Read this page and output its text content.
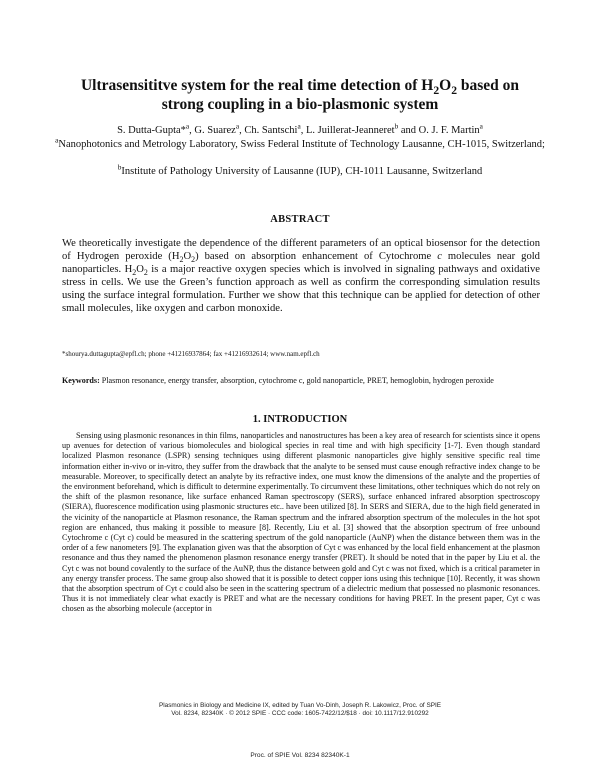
Ultrasensititve system for the real time detection of $H_2O_2$ based on
strong coupling in a bio-plasmonic system
S. Dutta-Gupta*$^a$, G. Suarez$^a$, Ch. Santschi$^a$, L. Juillerat-Jeanneret$^b$ and O. J. F. Martin$^a$
$^a$Nanophotonics and Metrology Laboratory, Swiss Federal Institute of Technology Lausanne, CH-1015, Switzerland;
$^b$Institute of Pathology University of Lausanne (IUP), CH-1011 Lausanne, Switzerland
ABSTRACT
We theoretically investigate the dependence of the different parameters of an optical biosensor for the detection of Hydrogen peroxide $(H_2O_2)$ based on absorption enhancement of Cytochrome c molecules near gold nanoparticles. $H_2O_2$ is a major reactive oxygen species which is involved in signaling pathways and oxidative stress in cells. We use the Green’s function approach as well as confirm the corresponding simulation results using the surface integral formulation. Further we show that this technique can be applied for detection of other small molecules, like oxygen and carbon monoxide.
*shourya.duttagupta@epfl.ch; phone +41216937864; fax +41216932614; www.nam.epfl.ch
Keywords: Plasmon resonance, energy transfer, absorption, cytochrome c, gold nanoparticle, PRET, hemoglobin, hydrogen peroxide
1. INTRODUCTION

Sensing using plasmonic resonances in thin films, nanoparticles and nanostructures has been a key area of research for scientists since it opens up avenues for detection of various biomolecules and biological species in real time and with high specificity [1-7]. Even though standard localized Plasmon resonance (LSPR) sensing techniques using different plasmonic nanoparticles give highly sensitive specific real time information either in-vivo or in-vitro, they suffer from the drawback that the analyte to be sensed must cause enough refractive index change to be measurable. Moreover, to specifically detect an analyte by its refractive index, one must know the dimensions of the analyte and the properties of the environment beforehand, which is difficult to determine experimentally. To circumvent these limitations, other techniques which do not rely on the shift of the plasmon resonance, like surface enhanced Raman spectroscopy (SERS), surface enhanced infrared absorption spectroscopy (SIERA), fluorescence modification using plasmonic structures etc.. have been utilized [8]. In SERS and SIERA, due to the high field generated in the vicinity of the nanoparticle at Plasmon resonance, the Raman spectrum and the infrared absorption spectrum of the molecules in the hot spot region are enhanced, thus making it possible to measure [8]. Recently, Liu et al. [3] showed that the absorption spectrum of free unbound Cytochrome c (Cyt c) could be measured in the scattering spectrum of the gold nanoparticle (AuNP) when the distance between them was in the order of a few nanometers [9]. The explanation given was that the absorption of Cyt c was enhanced by the local field enhancement at the plasmon resonance and thus they named the phenomenon plasmon resonance energy transfer (PRET). It should be noted that in the paper by Liu et al. the Cyt c was not bound covalently to the surface of the AuNP, thus the distance between gold and Cyt c was not fixed, which is a critical parameter in any energy transfer process. The same group also showed that it is possible to detect copper ions using this technique [10]. Recently, it was shown that the absorption spectrum of Cyt c could also be seen in the scattering spectrum of a dielectric medium that possessed no plasmonic resonances. Thus it is not immediately clear what exactly is PRET and what are the necessary conditions for having PRET. In the present paper, Cyt c was chosen as the absorbing molecule (acceptor in

Plasmonics in Biology and Medicine IX, edited by Tuan Vo-Dinh, Joseph R. Lakowicz, Proc. of SPIE
Vol. 8234, 82340K · © 2012 SPIE · CCC code: 1605-7422/12/$18 · doi: 10.1117/12.910292
Proc. of SPIE Vol. 8234 82340K-1
